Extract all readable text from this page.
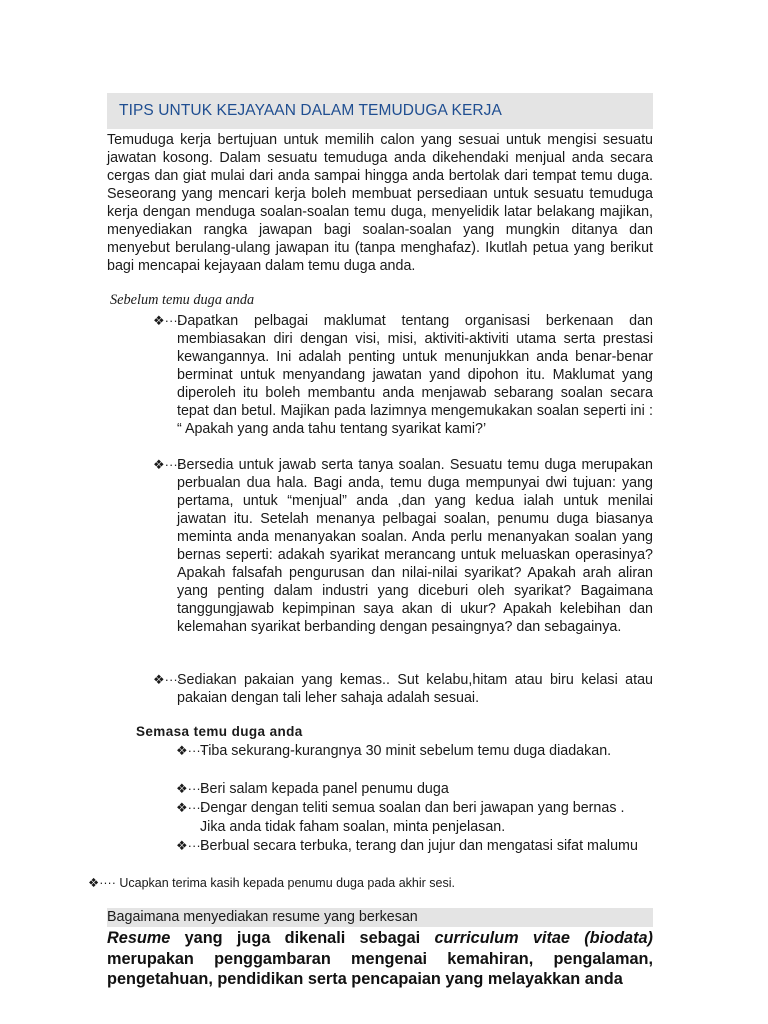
TIPS UNTUK KEJAYAAN DALAM TEMUDUGA KERJA
Temuduga kerja bertujuan untuk memilih calon yang sesuai untuk mengisi sesuatu jawatan kosong. Dalam sesuatu temuduga anda dikehendaki menjual anda secara cergas dan giat mulai dari anda sampai hingga anda bertolak dari tempat temu duga. Seseorang yang mencari kerja boleh membuat persediaan untuk sesuatu temuduga kerja dengan menduga soalan-soalan temu duga, menyelidik latar belakang majikan, menyediakan rangka jawapan bagi soalan-soalan yang mungkin ditanya dan menyebut berulang-ulang jawapan itu (tanpa menghafaz). Ikutlah petua yang berikut bagi mencapai kejayaan dalam temu duga anda.
Sebelum temu duga anda
❖····
Dapatkan pelbagai maklumat tentang organisasi berkenaan dan membiasakan diri dengan visi, misi, aktiviti-aktiviti utama serta prestasi kewangannya. Ini adalah penting untuk menunjukkan anda benar-benar berminat untuk menyandang jawatan yand dipohon itu. Maklumat yang diperoleh itu boleh membantu anda menjawab sebarang soalan secara tepat dan betul. Majikan pada lazimnya mengemukakan soalan seperti ini : “ Apakah yang anda tahu tentang syarikat kami?’
❖····
Bersedia untuk jawab serta tanya soalan. Sesuatu temu duga merupakan perbualan dua hala. Bagi anda, temu duga mempunyai dwi tujuan: yang pertama, untuk “menjual” anda ,dan yang kedua ialah untuk menilai jawatan itu. Setelah menanya pelbagai soalan, penumu duga biasanya meminta anda menanyakan soalan. Anda perlu menanyakan soalan yang bernas seperti: adakah syarikat merancang untuk meluaskan operasinya? Apakah falsafah pengurusan dan nilai-nilai syarikat? Apakah arah aliran yang penting dalam industri yang diceburi oleh syarikat? Bagaimana tanggungjawab kepimpinan saya akan di ukur? Apakah kelebihan dan kelemahan syarikat berbanding dengan pesaingnya? dan sebagainya.
❖····
Sediakan pakaian yang kemas.. Sut kelabu,hitam atau biru kelasi atau pakaian dengan tali leher sahaja adalah sesuai.
Semasa temu duga anda
❖····
Tiba sekurang-kurangnya 30 minit sebelum temu duga diadakan.
❖····
Beri salam kepada panel penumu duga
❖····
Dengar dengan teliti semua soalan dan beri jawapan yang bernas . Jika anda tidak faham soalan, minta penjelasan.
❖····
Berbual secara terbuka, terang dan jujur dan mengatasi sifat malumu
❖···· Ucapkan terima kasih kepada penumu duga pada akhir sesi.
Bagaimana menyediakan resume yang berkesan
Resume yang juga dikenali sebagai curriculum vitae (biodata) merupakan penggambaran mengenai kemahiran, pengalaman, pengetahuan, pendidikan serta pencapaian yang melayakkan anda
